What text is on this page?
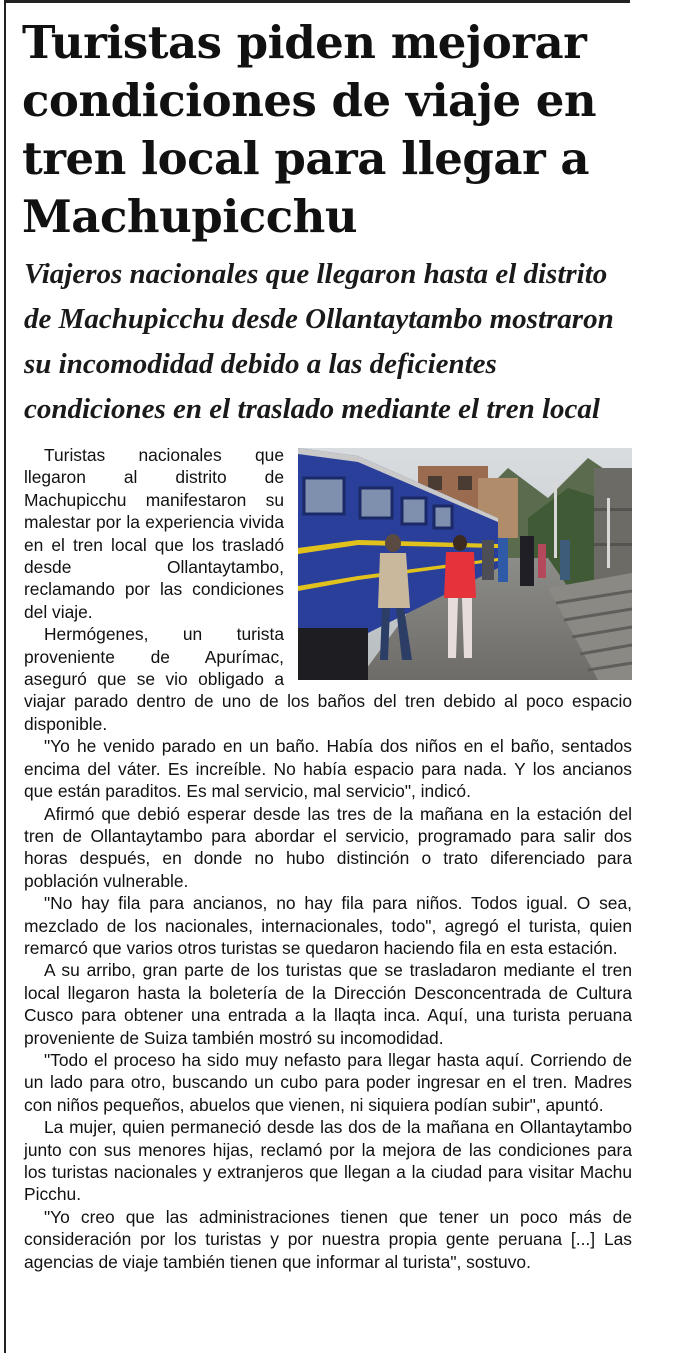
Turistas piden mejorar condiciones de viaje en tren local para llegar a Machupicchu
Viajeros nacionales que llegaron hasta el distrito de Machupicchu desde Ollantaytambo mostraron su incomodidad debido a las deficientes condiciones en el traslado mediante el tren local

Turistas nacionales que llegaron al distrito de Machupicchu manifestaron su malestar por la experiencia vivida en el tren local que los trasladó desde Ollantaytambo, reclamando por las condiciones del viaje.

Hermógenes, un turista proveniente de Apurímac, aseguró que se vio obligado a viajar parado dentro de uno de los baños del tren debido al poco espacio disponible.

"Yo he venido parado en un baño. Había dos niños en el baño, sentados encima del váter. Es increíble. No había espacio para nada. Y los ancianos que están paraditos. Es mal servicio, mal servicio", indicó.

Afirmó que debió esperar desde las tres de la mañana en la estación del tren de Ollantaytambo para abordar el servicio, programado para salir dos horas después, en donde no hubo distinción o trato diferenciado para población vulnerable.

"No hay fila para ancianos, no hay fila para niños. Todos igual. O sea, mezclado de los nacionales, internacionales, todo", agregó el turista, quien remarcó que varios otros turistas se quedaron haciendo fila en esta estación.

A su arribo, gran parte de los turistas que se trasladaron mediante el tren local llegaron hasta la boletería de la Dirección Desconcentrada de Cultura Cusco para obtener una entrada a la llaqta inca. Aquí, una turista peruana proveniente de Suiza también mostró su incomodidad.

"Todo el proceso ha sido muy nefasto para llegar hasta aquí. Corriendo de un lado para otro, buscando un cubo para poder ingresar en el tren. Madres con niños pequeños, abuelos que vienen, ni siquiera podían subir", apuntó.

La mujer, quien permaneció desde las dos de la mañana en Ollantaytambo junto con sus menores hijas, reclamó por la mejora de las condiciones para los turistas nacionales y extranjeros que llegan a la ciudad para visitar Machu Picchu.

"Yo creo que las administraciones tienen que tener un poco más de consideración por los turistas y por nuestra propia gente peruana [...] Las agencias de viaje también tienen que informar al turista", sostuvo.
